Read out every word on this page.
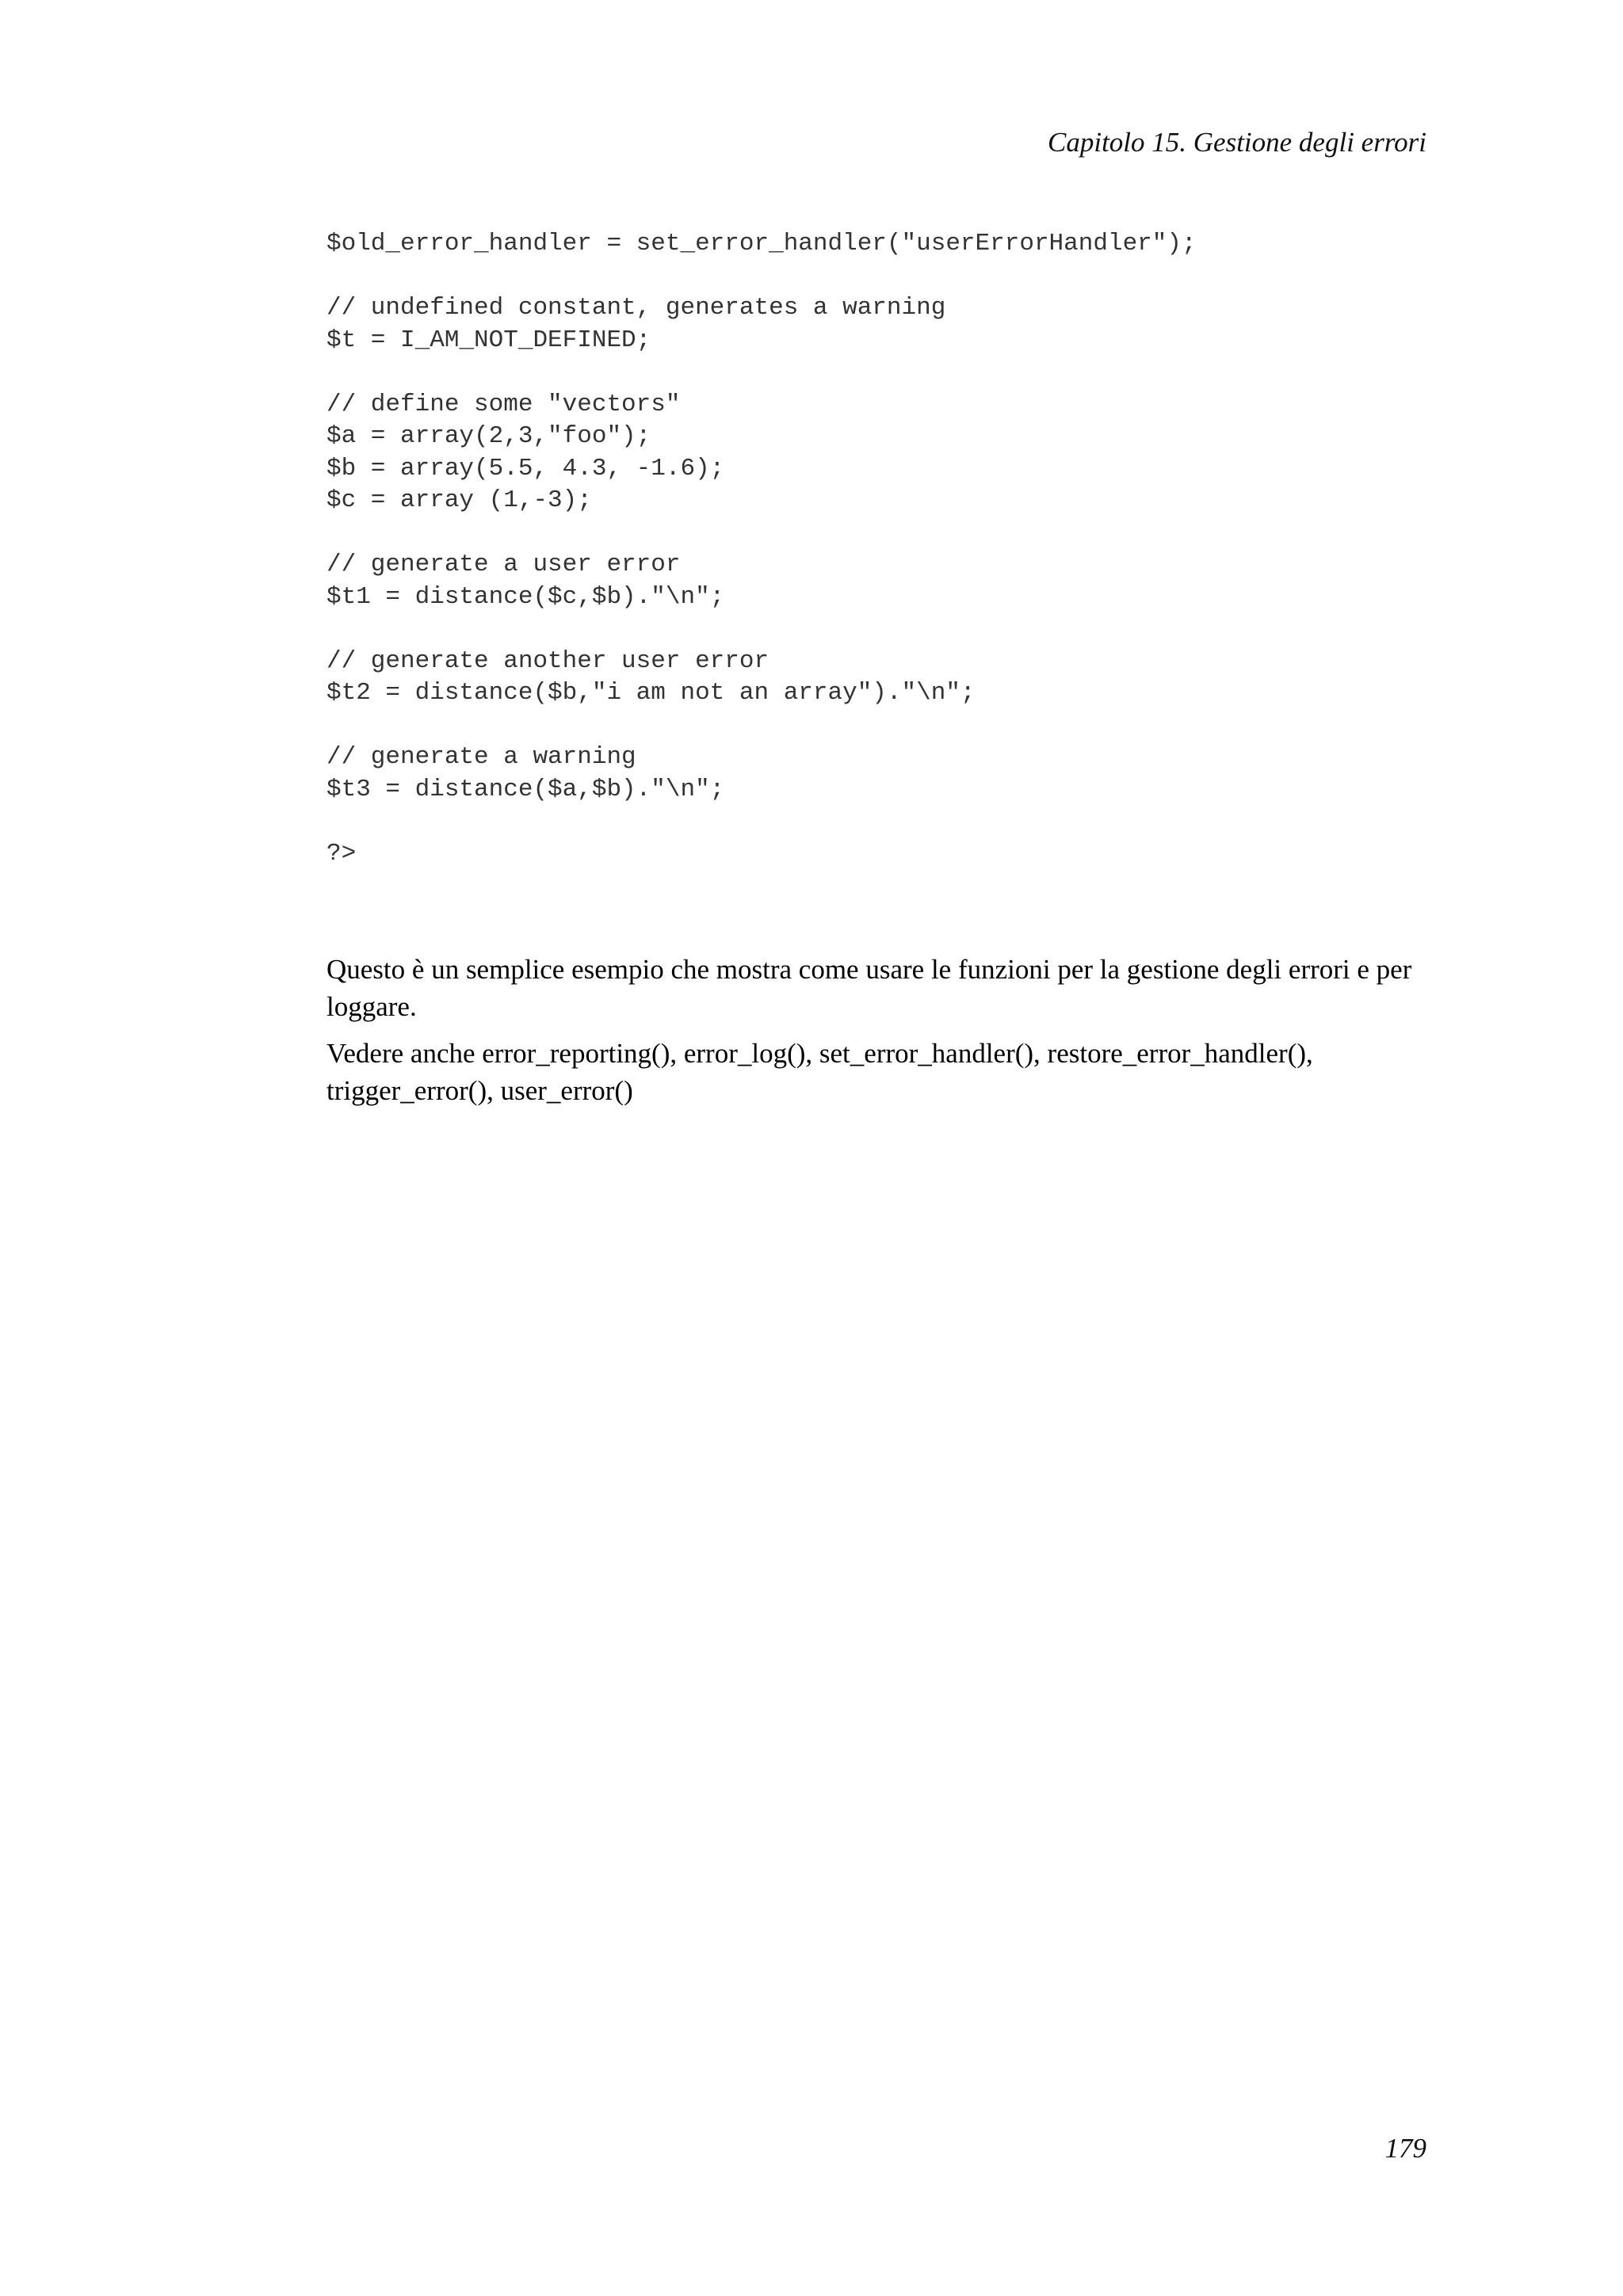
Capitolo 15. Gestione degli errori
$old_error_handler = set_error_handler("userErrorHandler");
// undefined constant, generates a warning
$t = I_AM_NOT_DEFINED;
// define some "vectors"
$a = array(2,3,"foo");
$b = array(5.5, 4.3, -1.6);
$c = array (1,-3);
// generate a user error
$t1 = distance($c,$b)."\n";
// generate another user error
$t2 = distance($b,"i am not an array")."\n";
// generate a warning
$t3 = distance($a,$b)."\n";
?>

Questo è un semplice esempio che mostra come usare le funzioni per la gestione degli errori e per loggare.

Vedere anche error_reporting(), error_log(), set_error_handler(), restore_error_handler(), trigger_error(), user_error()

179
